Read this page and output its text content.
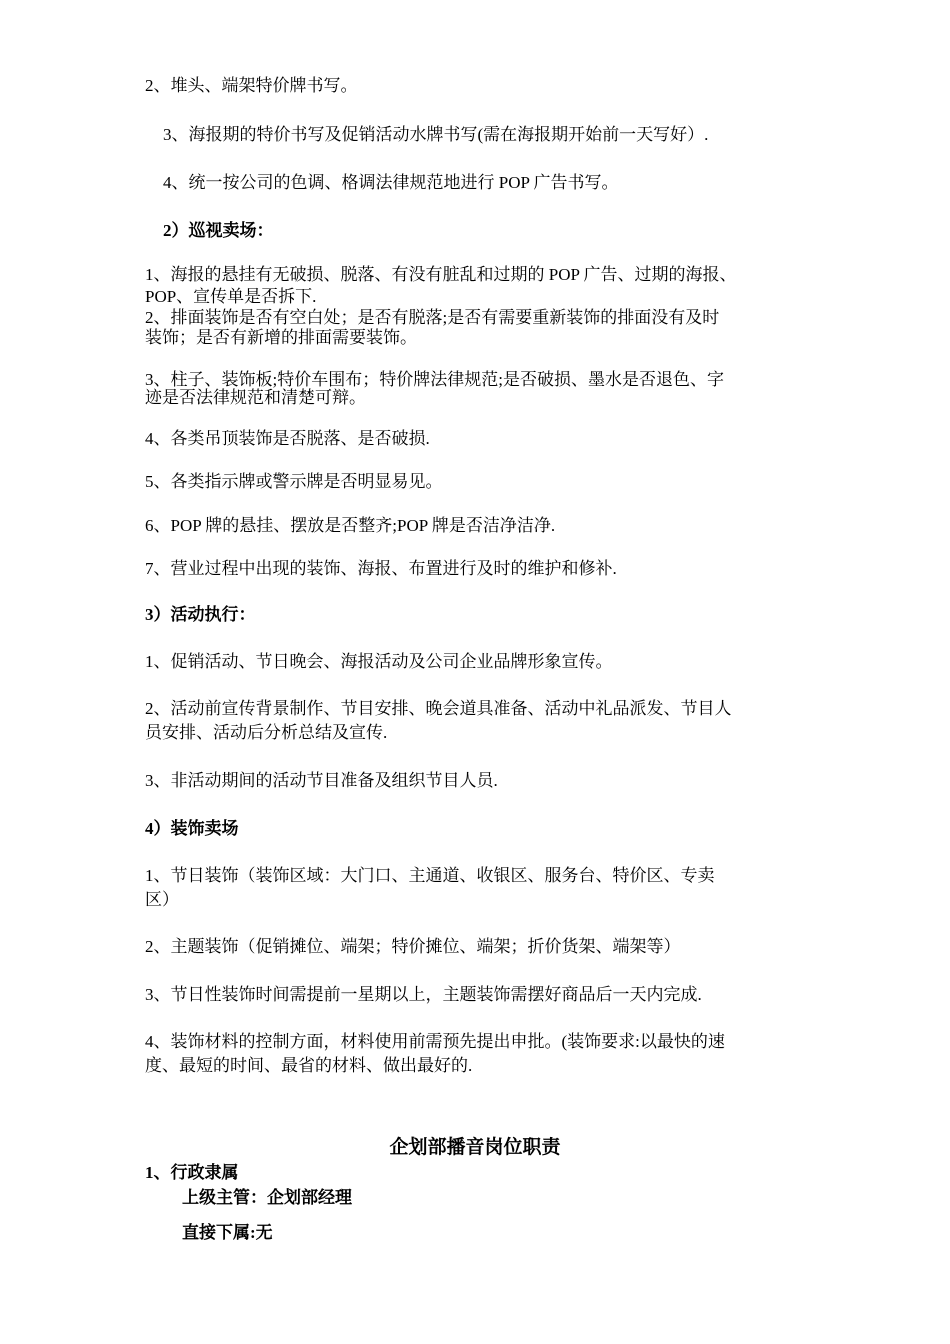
2、堆头、端架特价牌书写。
3、海报期的特价书写及促销活动水牌书写(需在海报期开始前一天写好）.
4、统一按公司的色调、格调法律规范地进行 POP 广告书写。
2）巡视卖场：
1、海报的悬挂有无破损、脱落、有没有脏乱和过期的 POP 广告、过期的海报、
POP、宣传单是否拆下.
2、排面装饰是否有空白处；是否有脱落;是否有需要重新装饰的排面没有及时
装饰；是否有新增的排面需要装饰。
3、柱子、装饰板;特价车围布；特价牌法律规范;是否破损、墨水是否退色、字
迹是否法律规范和清楚可辩。
4、各类吊顶装饰是否脱落、是否破损.
5、各类指示牌或警示牌是否明显易见。
6、POP 牌的悬挂、摆放是否整齐;POP 牌是否洁净洁净.
7、营业过程中出现的装饰、海报、布置进行及时的维护和修补.
3）活动执行：
1、促销活动、节日晚会、海报活动及公司企业品牌形象宣传。
2、活动前宣传背景制作、节目安排、晚会道具准备、活动中礼品派发、节目人
员安排、活动后分析总结及宣传.
3、非活动期间的活动节目准备及组织节目人员.
4）装饰卖场
1、节日装饰（装饰区域：大门口、主通道、收银区、服务台、特价区、专卖
区）
2、主题装饰（促销摊位、端架；特价摊位、端架；折价货架、端架等）
3、节日性装饰时间需提前一星期以上，主题装饰需摆好商品后一天内完成.
4、装饰材料的控制方面，材料使用前需预先提出申批。(装饰要求:以最快的速
度、最短的时间、最省的材料、做出最好的.
企划部播音岗位职责
1、行政隶属
上级主管：企划部经理
直接下属:无
